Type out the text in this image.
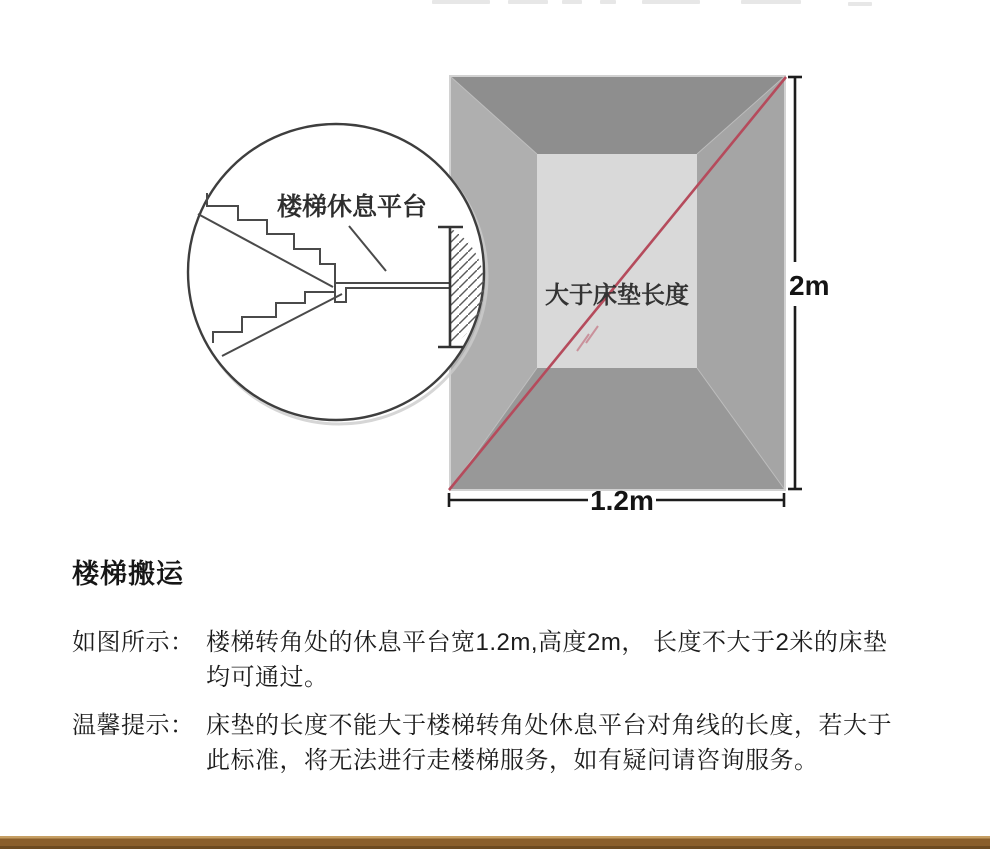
大于床垫长度	2m
1.2m
楼梯休息平台
楼梯搬运
如图所示： 楼梯转角处的休息平台宽1.2m,高度2m， 长度不大于2米的床垫
均可通过。
温馨提示： 床垫的长度不能大于楼梯转角处休息平台对角线的长度，若大于
此标准，将无法进行走楼梯服务，如有疑问请咨询服务。
